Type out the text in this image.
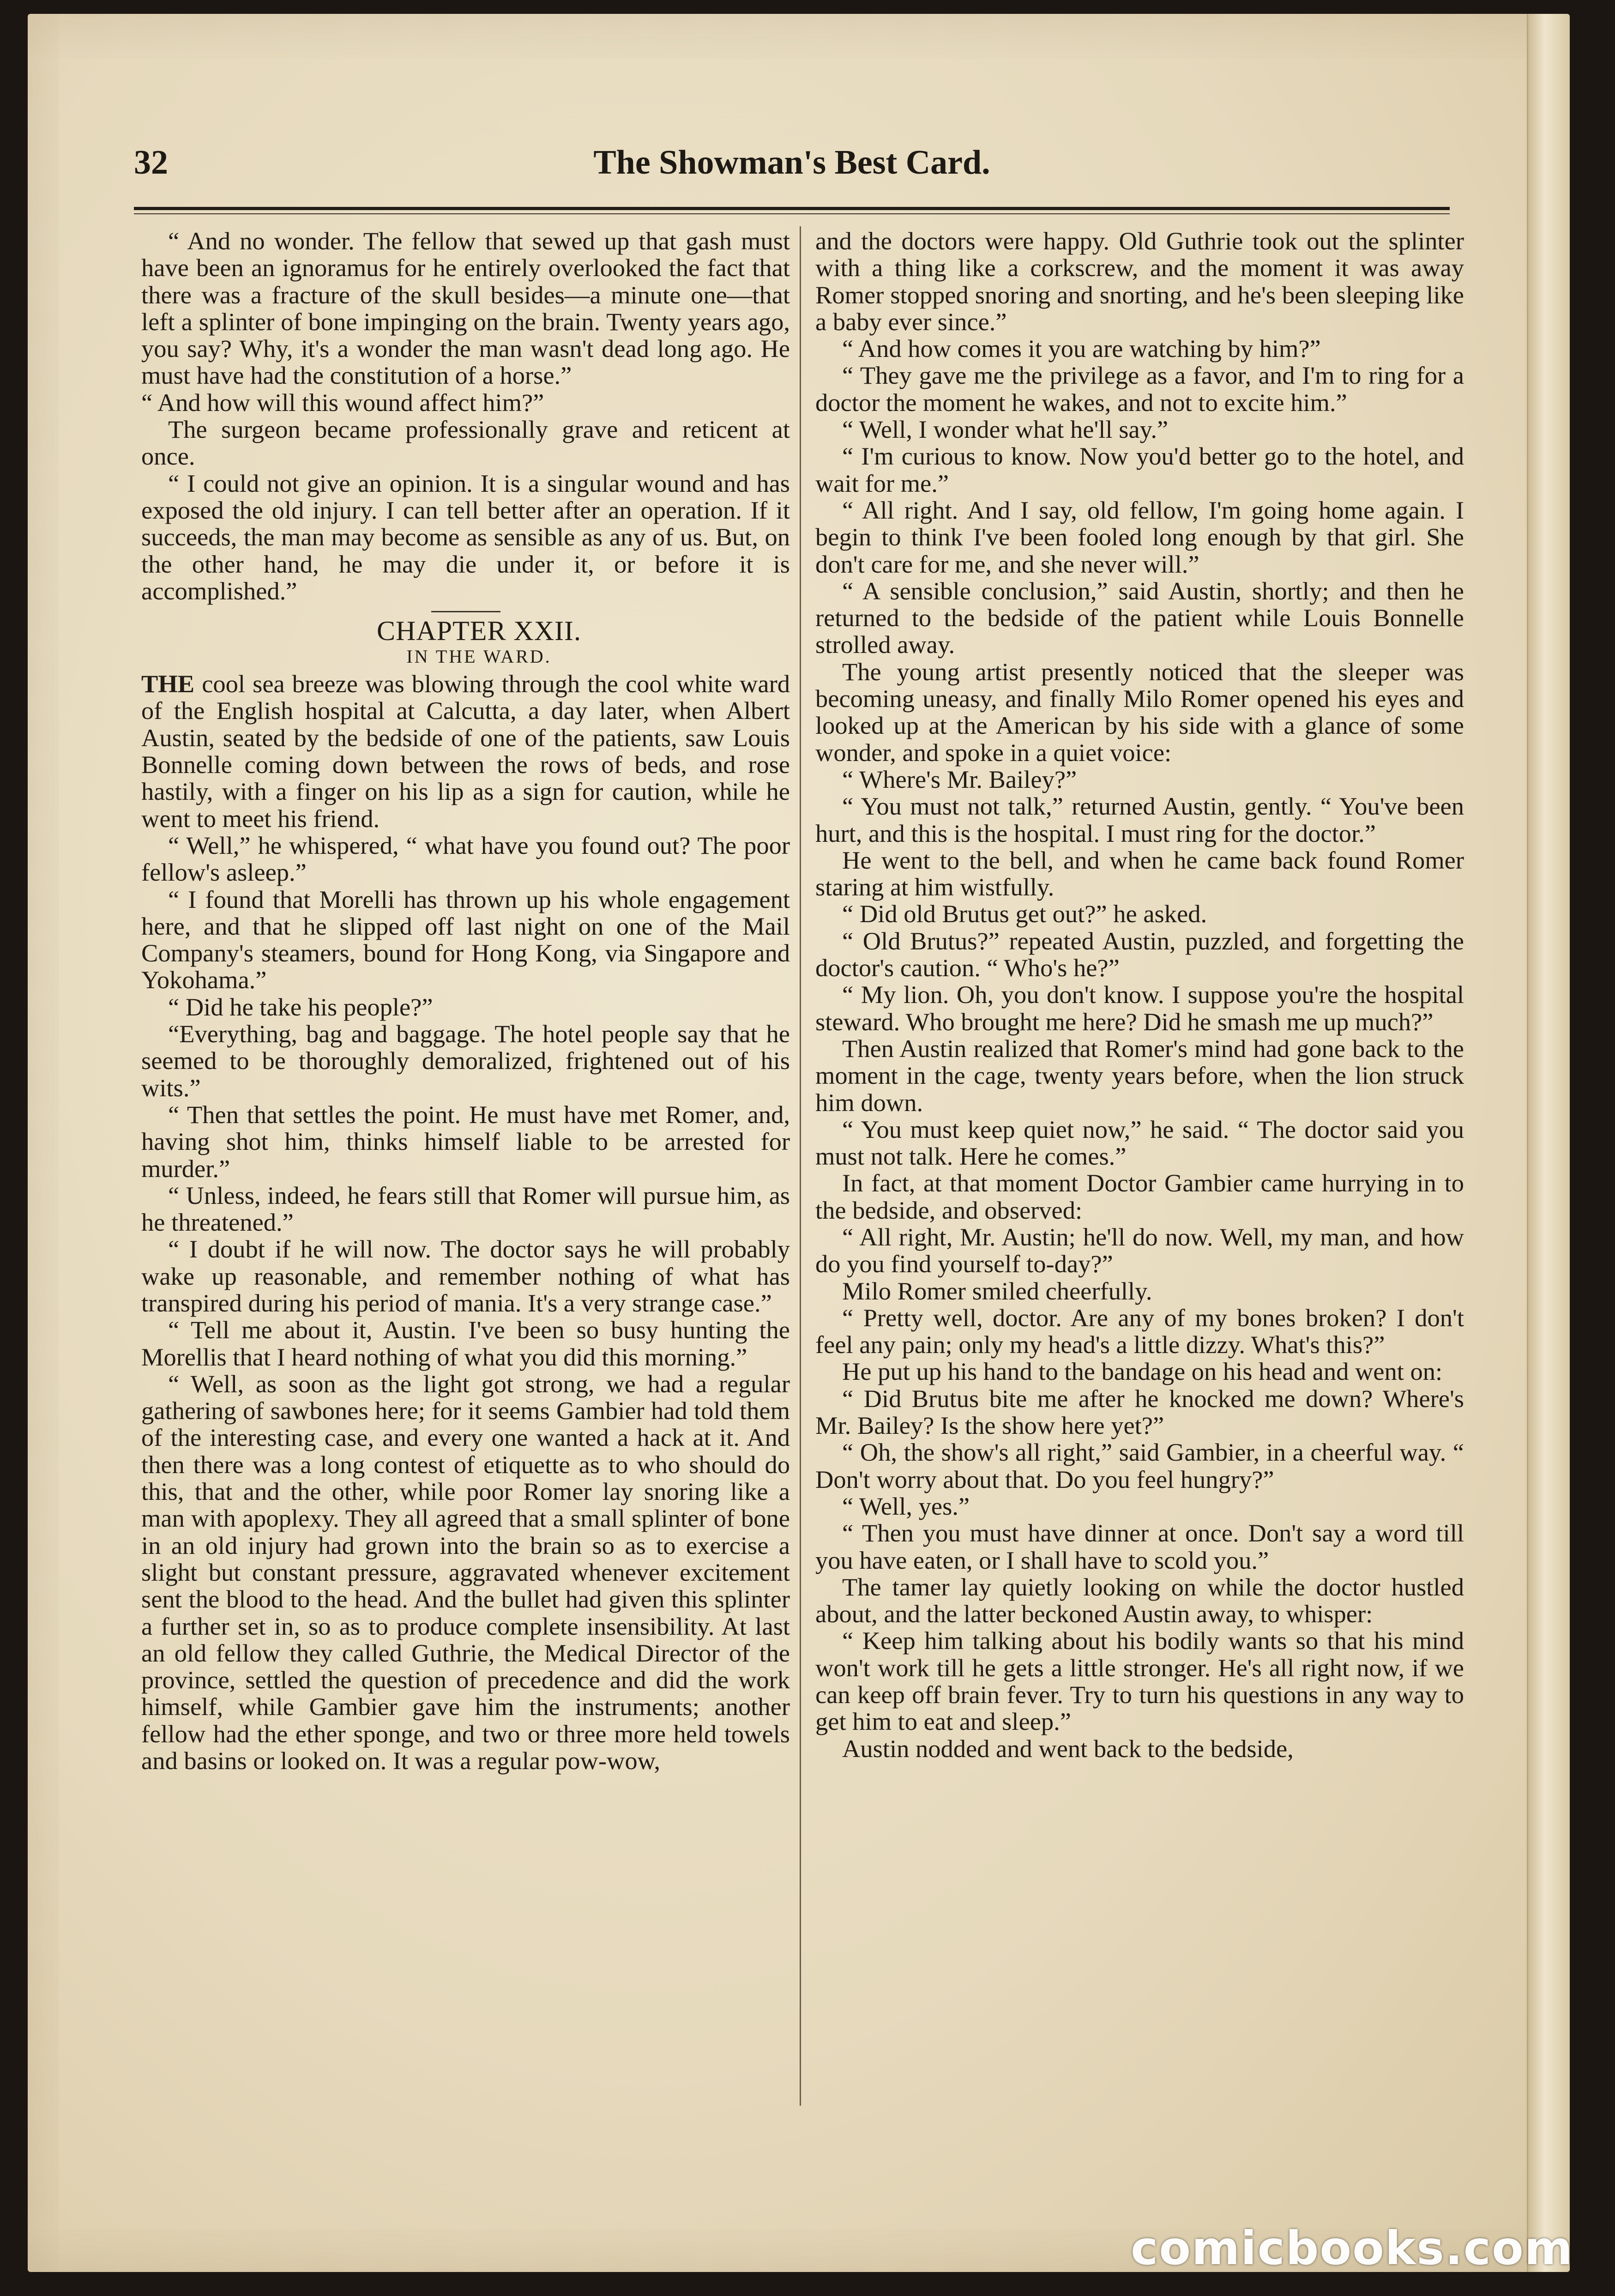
32	The Showman's Best Card.

“ And no wonder. The fellow that sewed up that gash must have been an ignoramus for he entirely overlooked the fact that there was a fracture of the skull besides—a minute one—that left a splinter of bone impinging on the brain. Twenty years ago, you say? Why, it's a wonder the man wasn't dead long ago. He must have had the constitution of a horse.”

“ And how will this wound affect him?”

The surgeon became professionally grave and reticent at once.

“ I could not give an opinion. It is a singular wound and has exposed the old injury. I can tell better after an operation. If it succeeds, the man may become as sensible as any of us. But, on the other hand, he may die under it, or before it is accomplished.”

CHAPTER XXII.

IN THE WARD.

THE cool sea breeze was blowing through the cool white ward of the English hospital at Calcutta, a day later, when Albert Austin, seated by the bedside of one of the patients, saw Louis Bonnelle coming down between the rows of beds, and rose hastily, with a finger on his lip as a sign for caution, while he went to meet his friend.

“ Well,” he whispered, “ what have you found out? The poor fellow's asleep.”

“ I found that Morelli has thrown up his whole engagement here, and that he slipped off last night on one of the Mail Company's steamers, bound for Hong Kong, via Singapore and Yokohama.”

“ Did he take his people?”

“Everything, bag and baggage. The hotel people say that he seemed to be thoroughly demoralized, frightened out of his wits.”

“ Then that settles the point. He must have met Romer, and, having shot him, thinks himself liable to be arrested for murder.”

“ Unless, indeed, he fears still that Romer will pursue him, as he threatened.”

“ I doubt if he will now. The doctor says he will probably wake up reasonable, and remember nothing of what has transpired during his period of mania. It's a very strange case.”

“ Tell me about it, Austin. I've been so busy hunting the Morellis that I heard nothing of what you did this morning.”

“ Well, as soon as the light got strong, we had a regular gathering of sawbones here; for it seems Gambier had told them of the interesting case, and every one wanted a hack at it. And then there was a long contest of etiquette as to who should do this, that and the other, while poor Romer lay snoring like a man with apoplexy. They all agreed that a small splinter of bone in an old injury had grown into the brain so as to exercise a slight but constant pressure, aggravated whenever excitement sent the blood to the head. And the bullet had given this splinter a further set in, so as to produce complete insensibility. At last an old fellow they called Guthrie, the Medical Director of the province, settled the question of precedence and did the work himself, while Gambier gave him the instruments; another fellow had the ether sponge, and two or three more held towels and basins or looked on. It was a regular pow-wow,

and the doctors were happy. Old Guthrie took out the splinter with a thing like a corkscrew, and the moment it was away Romer stopped snoring and snorting, and he's been sleeping like a baby ever since.”

“ And how comes it you are watching by him?”

“ They gave me the privilege as a favor, and I'm to ring for a doctor the moment he wakes, and not to excite him.”

“ Well, I wonder what he'll say.”

“ I'm curious to know. Now you'd better go to the hotel, and wait for me.”

“ All right. And I say, old fellow, I'm going home again. I begin to think I've been fooled long enough by that girl. She don't care for me, and she never will.”

“ A sensible conclusion,” said Austin, shortly; and then he returned to the bedside of the patient while Louis Bonnelle strolled away.

The young artist presently noticed that the sleeper was becoming uneasy, and finally Milo Romer opened his eyes and looked up at the American by his side with a glance of some wonder, and spoke in a quiet voice:

“ Where's Mr. Bailey?”

“ You must not talk,” returned Austin, gently. “ You've been hurt, and this is the hospital. I must ring for the doctor.”

He went to the bell, and when he came back found Romer staring at him wistfully.

“ Did old Brutus get out?” he asked.

“ Old Brutus?” repeated Austin, puzzled, and forgetting the doctor's caution. “ Who's he?”

“ My lion. Oh, you don't know. I suppose you're the hospital steward. Who brought me here? Did he smash me up much?”

Then Austin realized that Romer's mind had gone back to the moment in the cage, twenty years before, when the lion struck him down.

“ You must keep quiet now,” he said. “ The doctor said you must not talk. Here he comes.”

In fact, at that moment Doctor Gambier came hurrying in to the bedside, and observed:

“ All right, Mr. Austin; he'll do now. Well, my man, and how do you find yourself to-day?”

Milo Romer smiled cheerfully.

“ Pretty well, doctor. Are any of my bones broken? I don't feel any pain; only my head's a little dizzy. What's this?”

He put up his hand to the bandage on his head and went on:

“ Did Brutus bite me after he knocked me down? Where's Mr. Bailey? Is the show here yet?”

“ Oh, the show's all right,” said Gambier, in a cheerful way. “ Don't worry about that. Do you feel hungry?”

“ Well, yes.”

“ Then you must have dinner at once. Don't say a word till you have eaten, or I shall have to scold you.”

The tamer lay quietly looking on while the doctor hustled about, and the latter beckoned Austin away, to whisper:

“ Keep him talking about his bodily wants so that his mind won't work till he gets a little stronger. He's all right now, if we can keep off brain fever. Try to turn his questions in any way to get him to eat and sleep.”

Austin nodded and went back to the bedside,

comicbooks.com
